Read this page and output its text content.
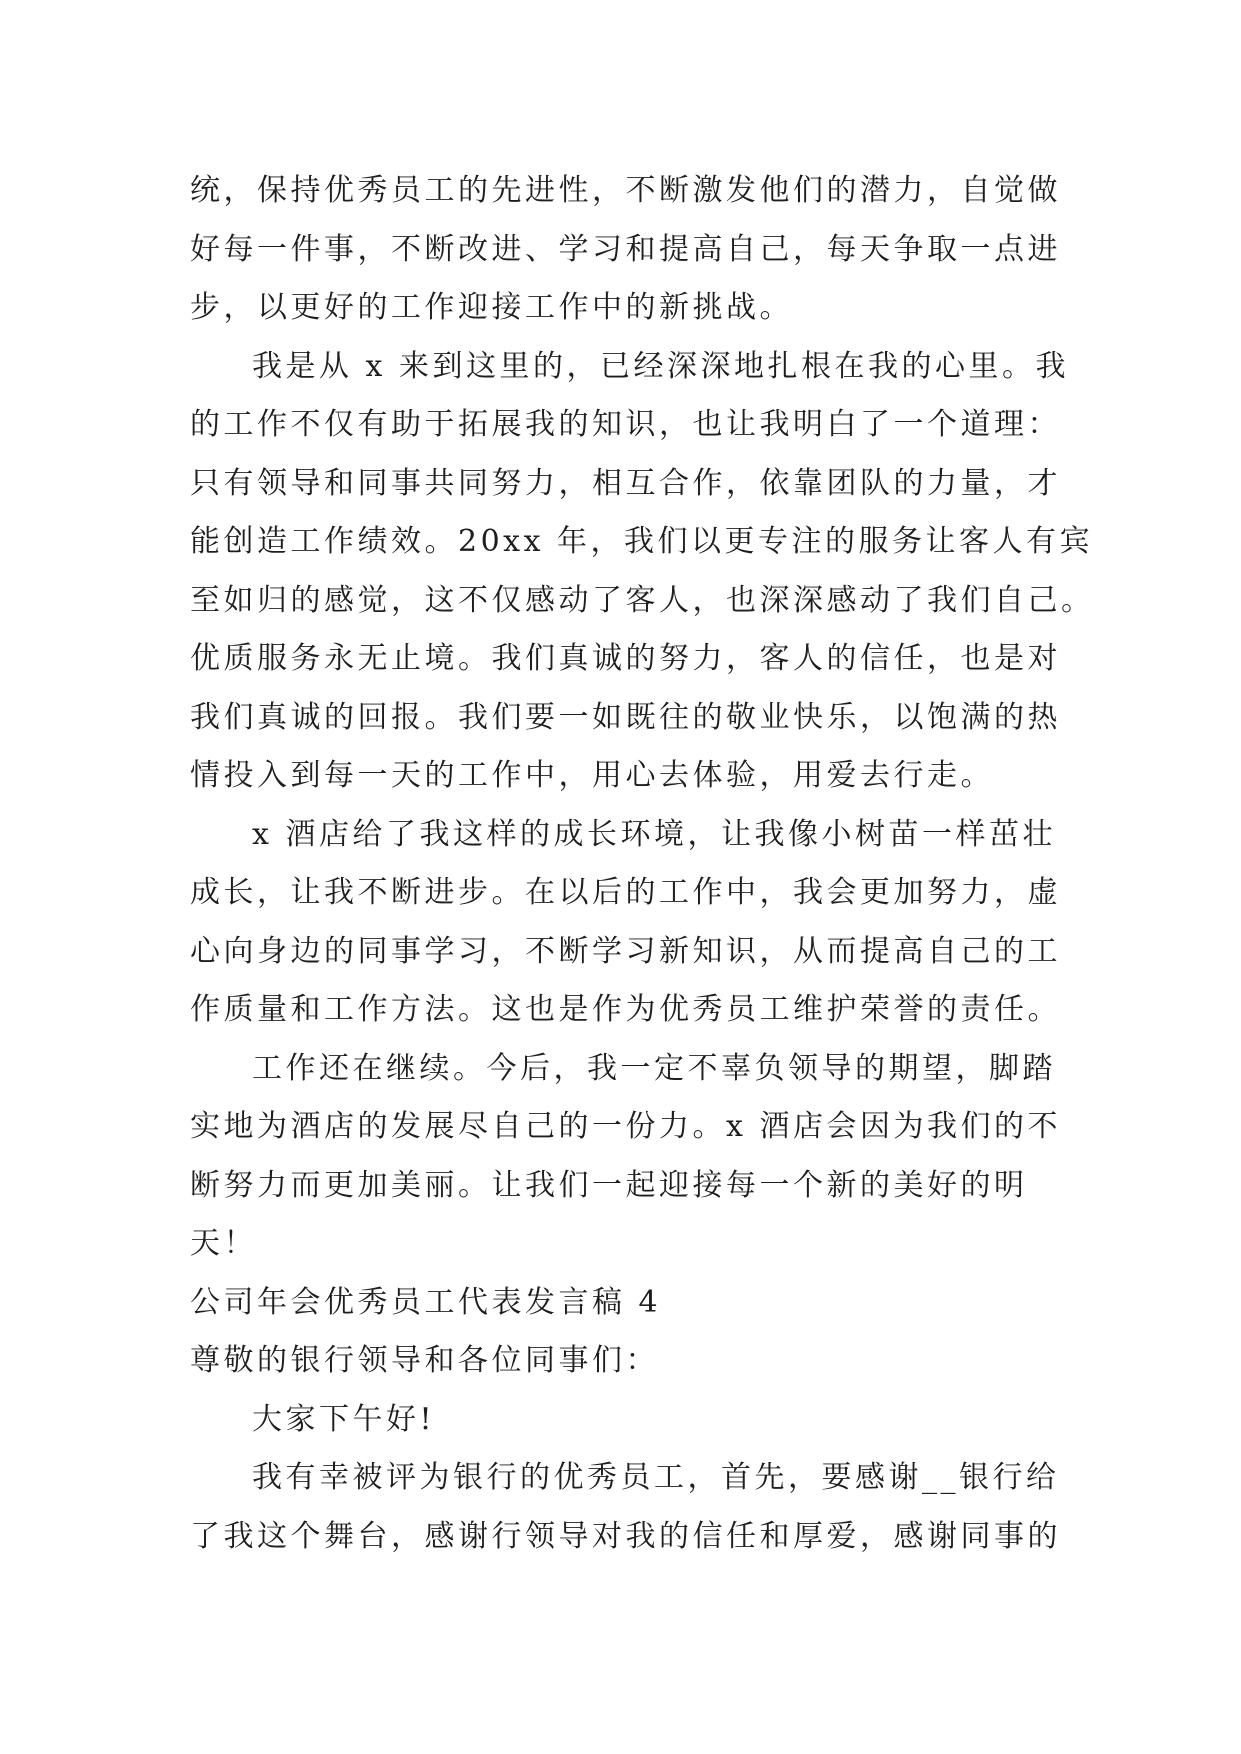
统，保持优秀员工的先进性，不断激发他们的潜力，自觉做
好每一件事，不断改进、学习和提高自己，每天争取一点进
步，以更好的工作迎接工作中的新挑战。
我是从 x 来到这里的，已经深深地扎根在我的心里。我
的工作不仅有助于拓展我的知识，也让我明白了一个道理：
只有领导和同事共同努力，相互合作，依靠团队的力量，才
能创造工作绩效。20xx 年，我们以更专注的服务让客人有宾
至如归的感觉，这不仅感动了客人，也深深感动了我们自己。
优质服务永无止境。我们真诚的努力，客人的信任，也是对
我们真诚的回报。我们要一如既往的敬业快乐，以饱满的热
情投入到每一天的工作中，用心去体验，用爱去行走。
x 酒店给了我这样的成长环境，让我像小树苗一样茁壮
成长，让我不断进步。在以后的工作中，我会更加努力，虚
心向身边的同事学习，不断学习新知识，从而提高自己的工
作质量和工作方法。这也是作为优秀员工维护荣誉的责任。
工作还在继续。今后，我一定不辜负领导的期望，脚踏
实地为酒店的发展尽自己的一份力。x 酒店会因为我们的不
断努力而更加美丽。让我们一起迎接每一个新的美好的明
天！
公司年会优秀员工代表发言稿 4
尊敬的银行领导和各位同事们：
大家下午好!
我有幸被评为银行的优秀员工，首先，要感谢__银行给
了我这个舞台，感谢行领导对我的信任和厚爱，感谢同事的
